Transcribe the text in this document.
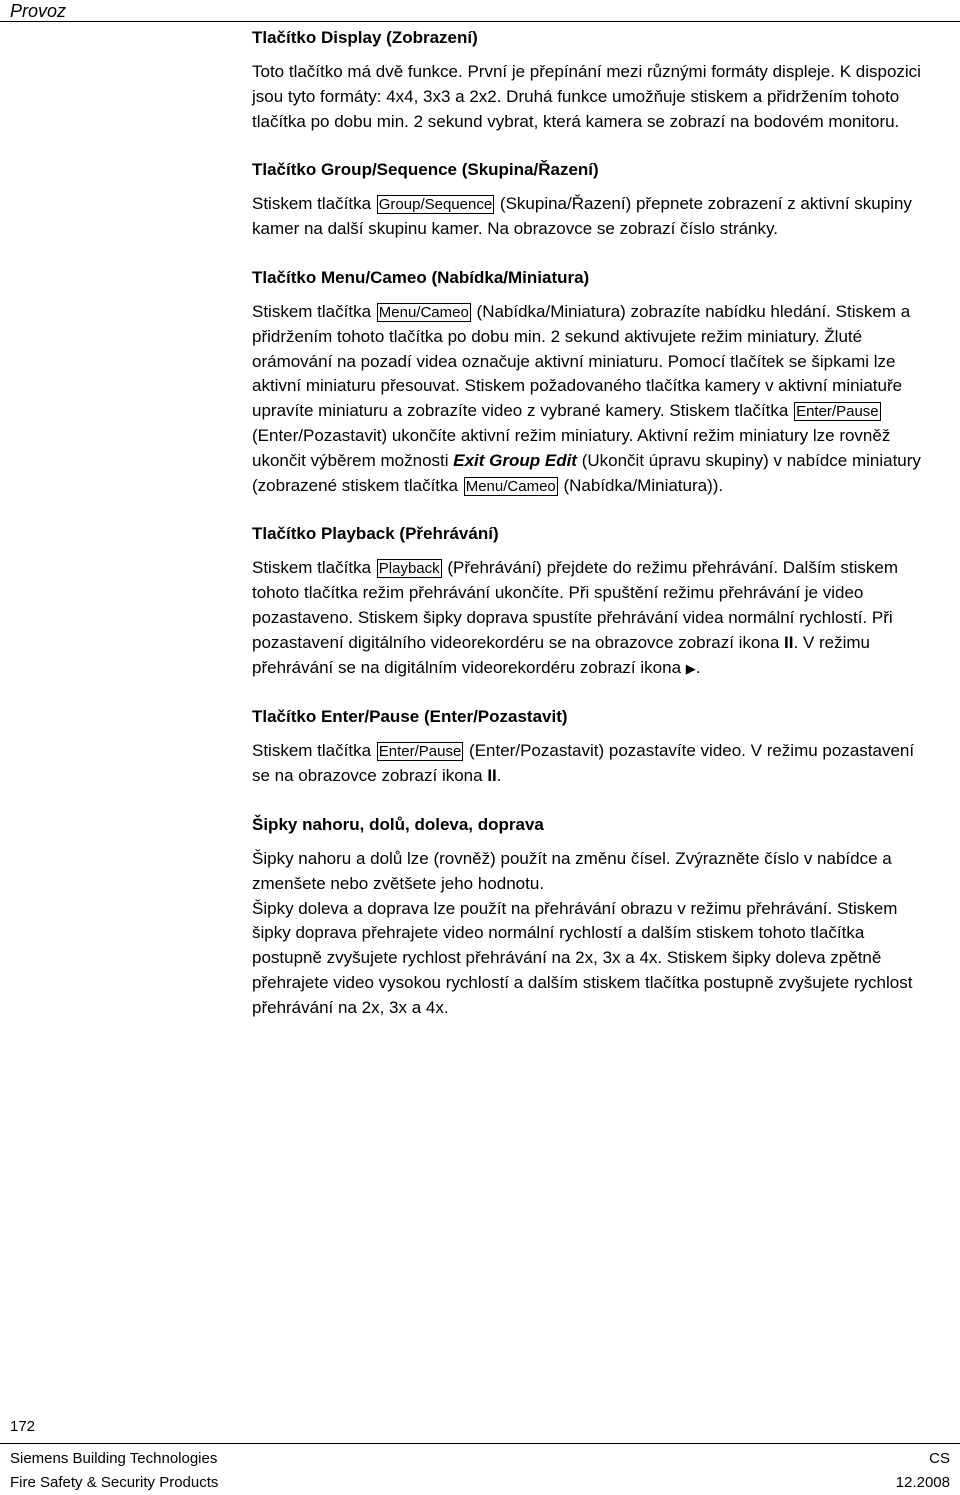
Provoz
Tlačítko Display (Zobrazení)

Toto tlačítko má dvě funkce. První je přepínání mezi různými formáty displeje. K dispozici jsou tyto formáty: 4x4, 3x3 a 2x2. Druhá funkce umožňuje stiskem a přidržením tohoto tlačítka po dobu min. 2 sekund vybrat, která kamera se zobrazí na bodovém monitoru.

Tlačítko Group/Sequence (Skupina/Řazení)

Stiskem tlačítka Group/Sequence (Skupina/Řazení) přepnete zobrazení z aktivní skupiny kamer na další skupinu kamer. Na obrazovce se zobrazí číslo stránky.

Tlačítko Menu/Cameo (Nabídka/Miniatura)

Stiskem tlačítka Menu/Cameo (Nabídka/Miniatura) zobrazíte nabídku hledání. Stiskem a přidržením tohoto tlačítka po dobu min. 2 sekund aktivujete režim miniatury. Žluté orámování na pozadí videa označuje aktivní miniaturu. Pomocí tlačítek se šipkami lze aktivní miniaturu přesouvat. Stiskem požadovaného tlačítka kamery v aktivní miniatuře upravíte miniaturu a zobrazíte video z vybrané kamery. Stiskem tlačítka Enter/Pause (Enter/Pozastavit) ukončíte aktivní režim miniatury. Aktivní režim miniatury lze rovněž ukončit výběrem možnosti Exit Group Edit (Ukončit úpravu skupiny) v nabídce miniatury (zobrazené stiskem tlačítka Menu/Cameo (Nabídka/Miniatura)).

Tlačítko Playback (Přehrávání)

Stiskem tlačítka Playback (Přehrávání) přejdete do režimu přehrávání. Dalším stiskem tohoto tlačítka režim přehrávání ukončíte. Při spuštění režimu přehrávání je video pozastaveno. Stiskem šipky doprava spustíte přehrávání videa normální rychlostí. Při pozastavení digitálního videorekordéru se na obrazovce zobrazí ikona II. V režimu přehrávání se na digitálním videorekordéru zobrazí ikona ▶.

Tlačítko Enter/Pause (Enter/Pozastavit)

Stiskem tlačítka Enter/Pause (Enter/Pozastavit) pozastavíte video. V režimu pozastavení se na obrazovce zobrazí ikona II.

Šipky nahoru, dolů, doleva, doprava

Šipky nahoru a dolů lze (rovněž) použít na změnu čísel. Zvýrazněte číslo v nabídce a zmenšete nebo zvětšete jeho hodnotu.

Šipky doleva a doprava lze použít na přehrávání obrazu v režimu přehrávání. Stiskem šipky doprava přehrajete video normální rychlostí a dalším stiskem tohoto tlačítka postupně zvyšujete rychlost přehrávání na 2x, 3x a 4x. Stiskem šipky doleva zpětně přehrajete video vysokou rychlostí a dalším stiskem tlačítka postupně zvyšujete rychlost přehrávání na 2x, 3x a 4x.

172
Siemens Building Technologies	CS
Fire Safety & Security Products	12.2008
